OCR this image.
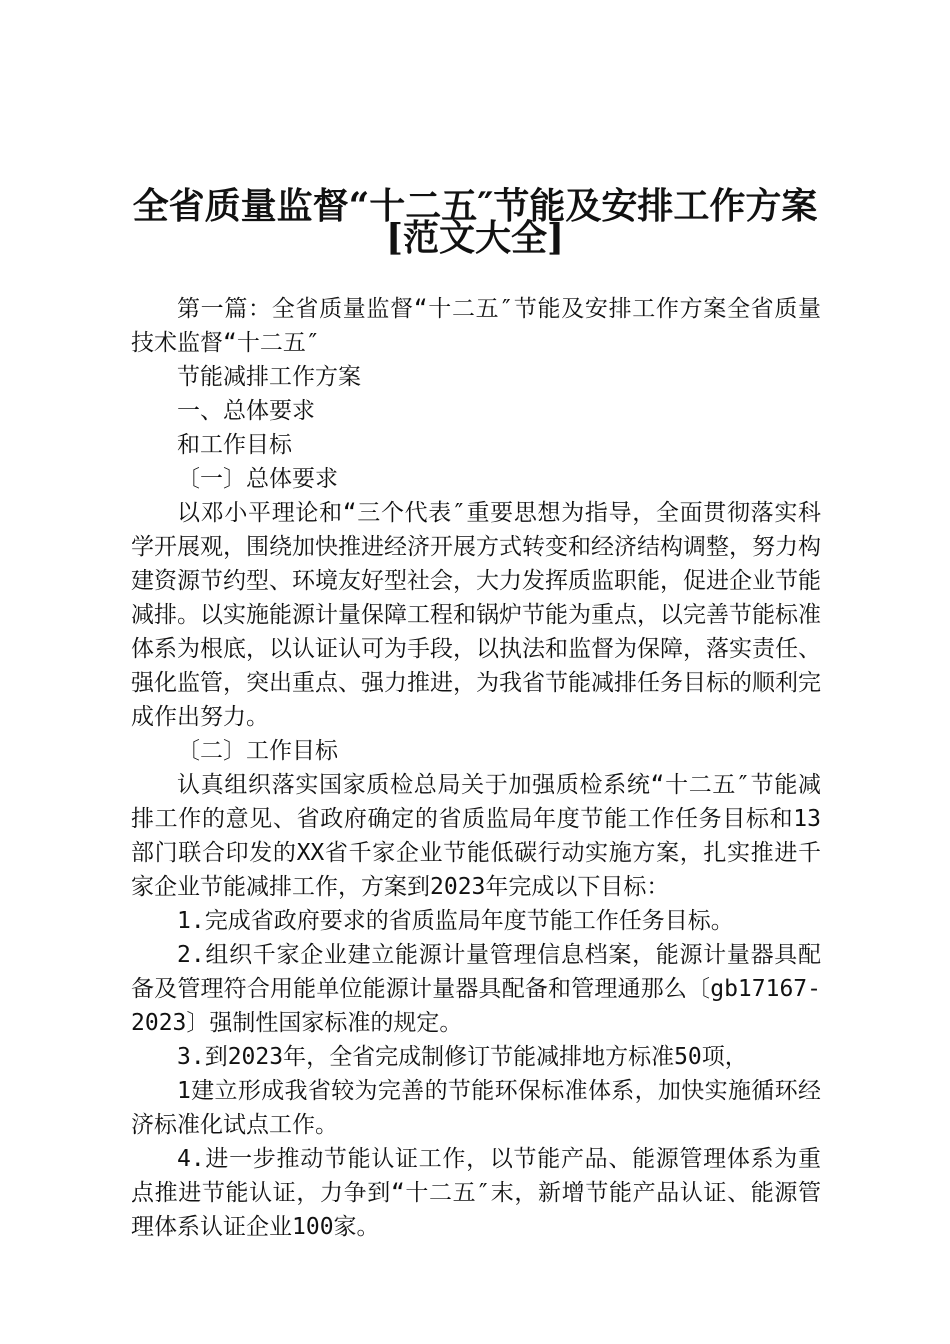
全省质量监督“十二五″节能及安排工作方案
[范文大全]

第一篇：全省质量监督“十二五″节能及安排工作方案全省质量技术监督“十二五″

节能减排工作方案

一、总体要求

和工作目标

〔一〕总体要求

以邓小平理论和“三个代表″重要思想为指导，全面贯彻落实科学开展观，围绕加快推进经济开展方式转变和经济结构调整，努力构建资源节约型、环境友好型社会，大力发挥质监职能，促进企业节能减排。以实施能源计量保障工程和锅炉节能为重点，以完善节能标准体系为根底，以认证认可为手段，以执法和监督为保障，落实责任、强化监管，突出重点、强力推进，为我省节能减排任务目标的顺利完成作出努力。

〔二〕工作目标

认真组织落实国家质检总局关于加强质检系统“十二五″节能减排工作的意见、省政府确定的省质监局年度节能工作任务目标和13部门联合印发的XX省千家企业节能低碳行动实施方案，扎实推进千家企业节能减排工作，方案到2023年完成以下目标：

1.完成省政府要求的省质监局年度节能工作任务目标。

2.组织千家企业建立能源计量管理信息档案，能源计量器具配备及管理符合用能单位能源计量器具配备和管理通那么〔gb17167-2023〕强制性国家标准的规定。

3.到2023年，全省完成制修订节能减排地方标准50项，

1建立形成我省较为完善的节能环保标准体系，加快实施循环经济标准化试点工作。

4.进一步推动节能认证工作，以节能产品、能源管理体系为重点推进节能认证，力争到“十二五″末，新增节能产品认证、能源管理体系认证企业100家。
